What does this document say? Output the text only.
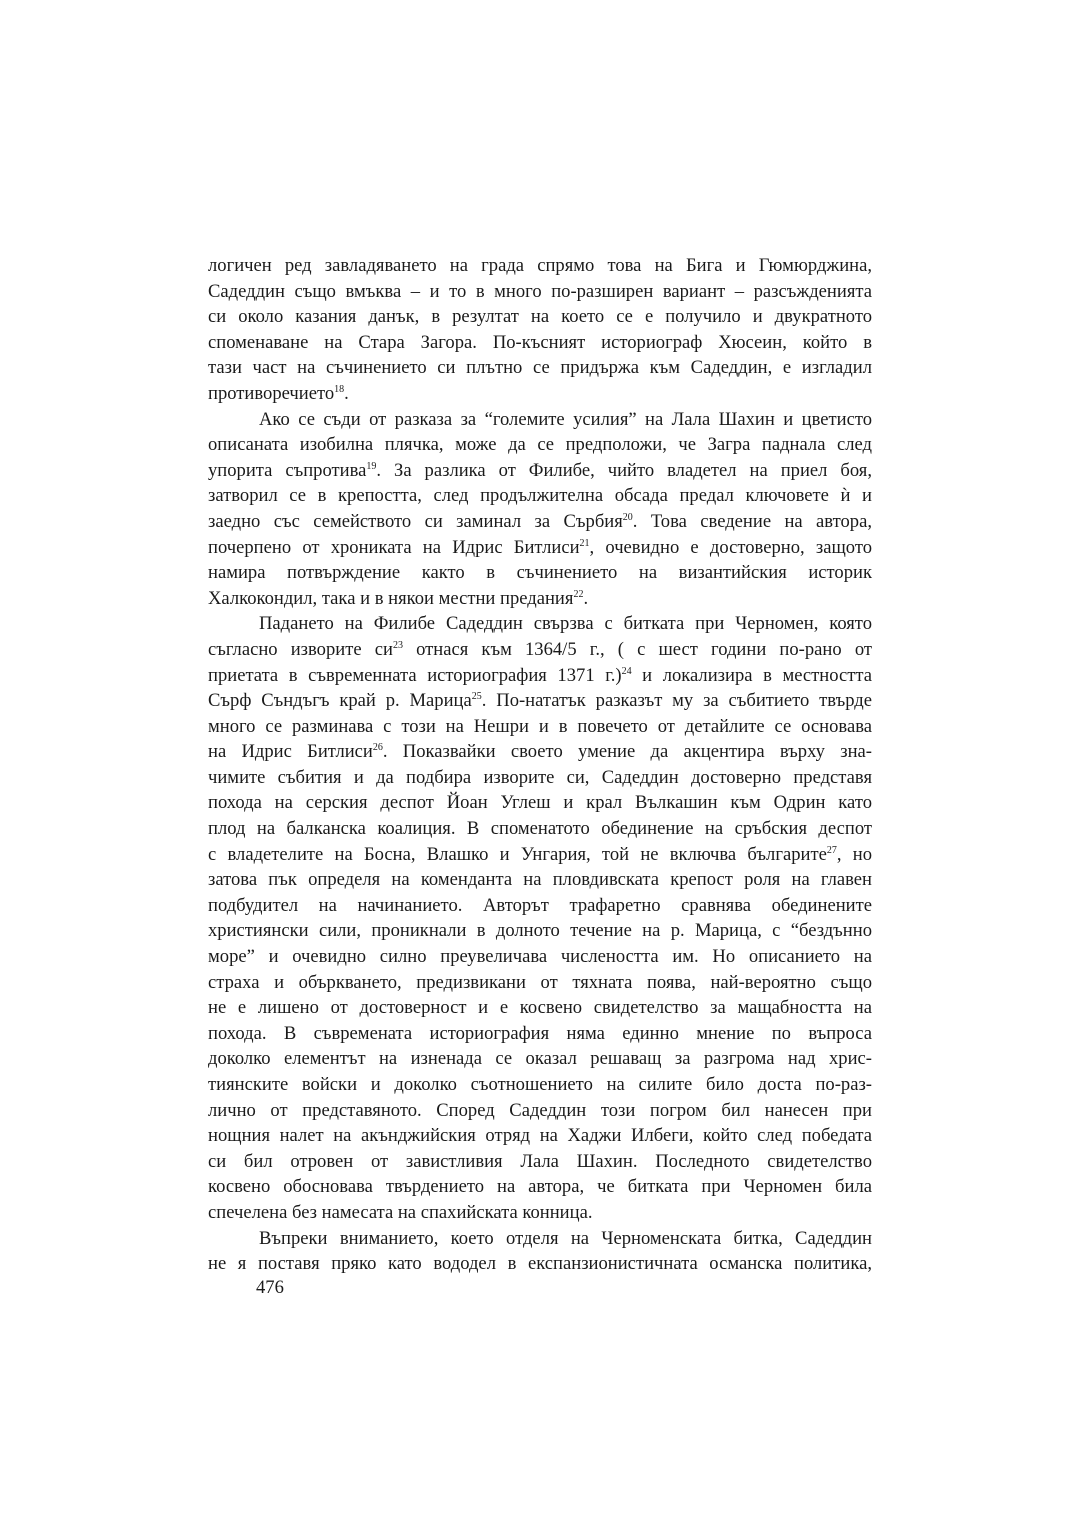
логичен ред завладяването на града спрямо това на Бига и Гюмюрджина,
Садеддин също вмъква – и то в много по-разширен вариант – разсъжденията
си около казания данък, в резултат на което се е получило и двукратното
споменаване на Стара Загора. По-късният историограф Хюсеин, който в
тази част на съчинението си плътно се придържа към Садеддин, е изгладил
противоречието$^{18}$.
Ако се съди от разказа за “големите усилия” на Лала Шахин и цветисто
описаната изобилна плячка, може да се предположи, че Загра паднала след
упорита съпротива$^{19}$. За разлика от Филибе, чийто владетел на приел боя,
затворил се в крепостта, след продължителна обсада предал ключовете ѝ и
заедно със семейството си заминал за Сърбия$^{20}$. Това сведение на автора,
почерпено от хрониката на Идрис Битлиси$^{21}$, очевидно е достоверно, защото
намира потвърждение както в съчинението на византийския историк
Халкокондил, така и в някои местни предания$^{22}$.
Падането на Филибе Садеддин свързва с битката при Черномен, която
съгласно изворите $си^{23}$ отнася към 1364/5 г., ( с шест години по-рано от
приетата в съвременната историография 1371 г.)$^{24}$ и локализира в местността
Сърф Съндъгъ край р. Марица$^{25}$. По-нататък разказът му за събитието твърде
много се разминава с този на Нешри и в повечето от детайлите се основава
на Идрис Битлиси$^{26}$. Показвайки своето умение да акцентира върху зна-
чимите събития и да подбира изворите си, Садеддин достоверно представя
похода на серския деспот Йоан Углеш и крал Вълкашин към Одрин като
плод на балканска коалиция. В споменатото обединение на сръбския деспот
с владетелите на Босна, Влашко и Унгария, той не включва българите$^{27}$, но
затова пък определя на коменданта на пловдивската крепост роля на главен
подбудител на начинанието. Авторът трафаретно сравнява обединените
християнски сили, проникнали в долното течение на р. Марица, с “бездънно
море” и очевидно силно преувеличава числеността им. Но описанието на
страха и объркването, предизвикани от тяхната поява, най-вероятно също
не е лишено от достоверност и е косвено свидетелство за мащабността на
похода. В съвремената историография няма единно мнение по въпроса
доколко елементът на изненада се оказал решаващ за разгрома над хрис-
тиянските войски и доколко съотношението на силите било доста по-раз-
лично от представяното. Според Садеддин този погром бил нанесен при
нощния налет на акънджийския отряд на Хаджи Илбеги, който след победата
си бил отровен от завистливия Лала Шахин. Последното свидетелство
косвено обосновава твърдението на автора, че битката при Черномен била
спечелена без намесата на спахийската конница.
Въпреки вниманието, което отделя на Черноменската битка, Садеддин
не я поставя пряко като вододел в експанзионистичната османска политика,
476
